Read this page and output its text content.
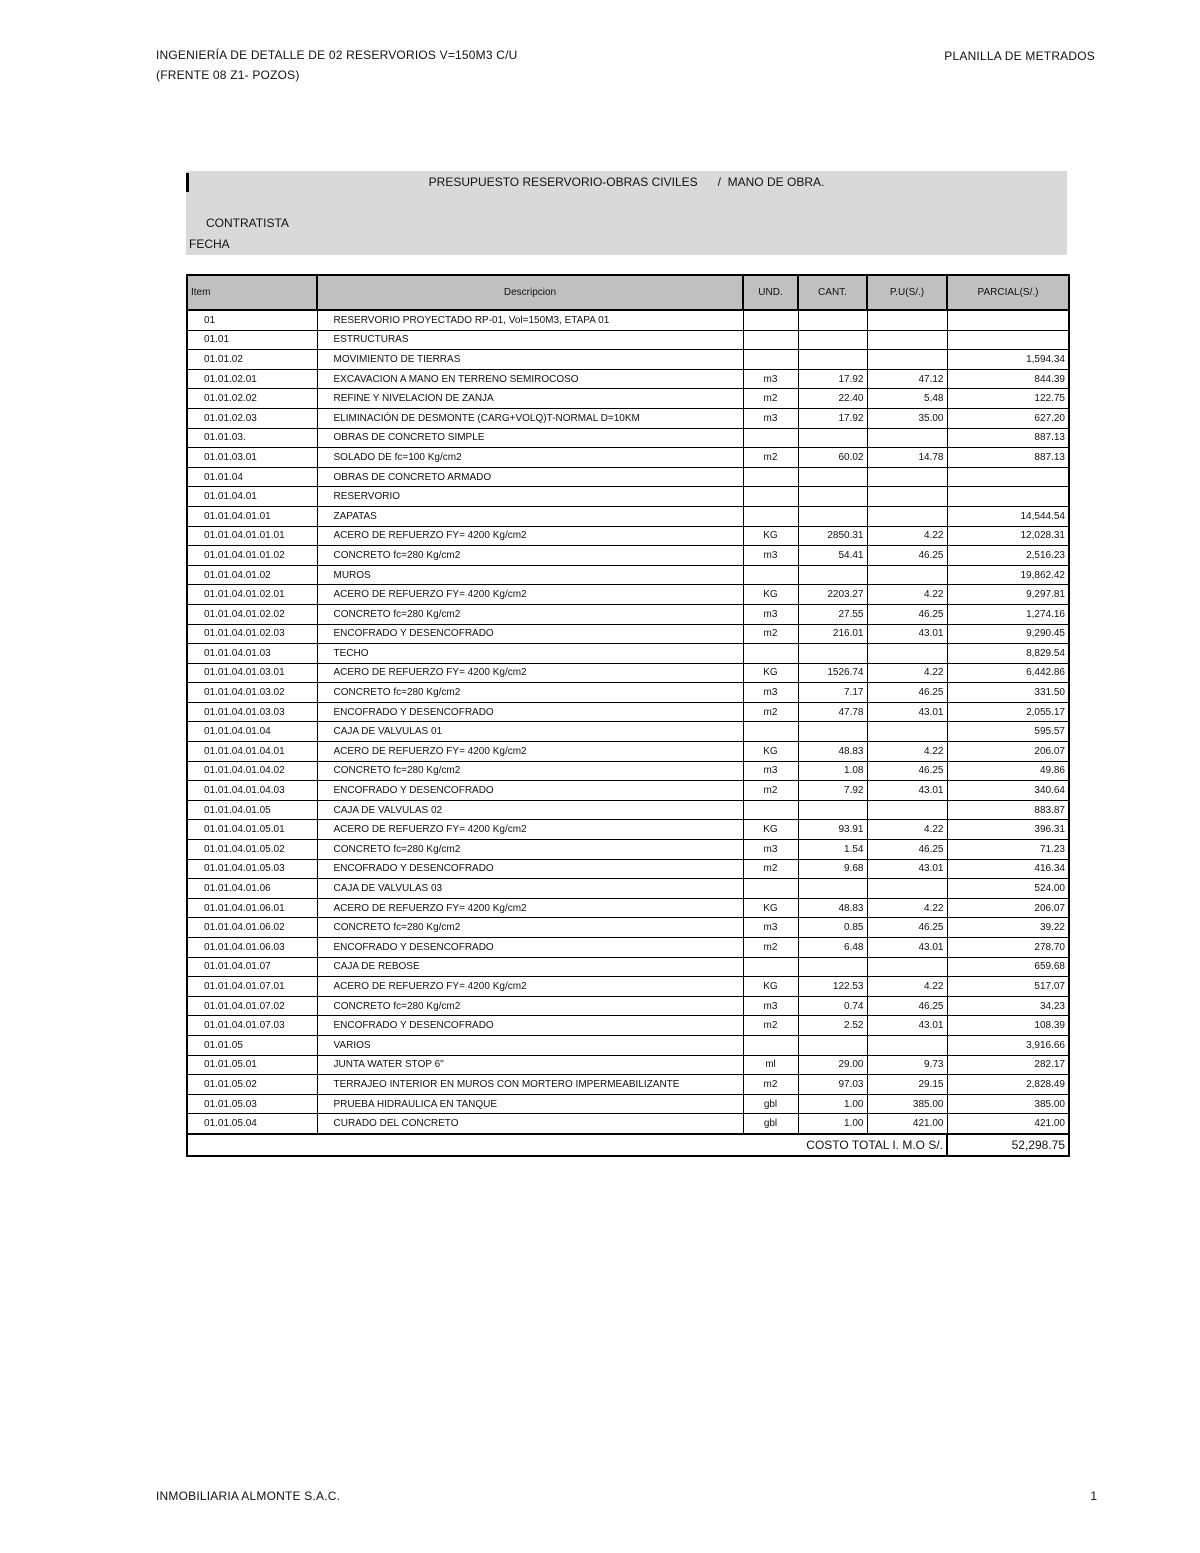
INGENIERÍA DE DETALLE DE 02 RESERVORIOS V=150M3 C/U
(FRENTE 08 Z1- POZOS)
PLANILLA DE METRADOS
PRESUPUESTO RESERVORIO-OBRAS CIVILES      /  MANO DE OBRA.
CONTRATISTA
FECHA
Item	Descripcion	UND.	CANT.	P.U(S/.)	PARCIAL(S/.)
01	RESERVORIO PROYECTADO RP-01, Vol=150M3, ETAPA 01				
01.01	ESTRUCTURAS				
01.01.02	MOVIMIENTO DE TIERRAS				1,594.34
01.01.02.01	EXCAVACION A MANO EN TERRENO SEMIROCOSO	m3	17.92	47.12	844.39
01.01.02.02	REFINE Y NIVELACION DE ZANJA	m2	22.40	5.48	122.75
01.01.02.03	ELIMINACIÓN DE DESMONTE (CARG+VOLQ)T-NORMAL D=10KM	m3	17.92	35.00	627.20
01.01.03.	OBRAS DE CONCRETO SIMPLE				887.13
01.01.03.01	SOLADO DE fc=100 Kg/cm2	m2	60.02	14.78	887.13
01.01.04	OBRAS DE CONCRETO ARMADO				
01.01.04.01	RESERVORIO				
01.01.04.01.01	ZAPATAS				14,544.54
01.01.04.01.01.01	ACERO DE REFUERZO FY= 4200 Kg/cm2	KG	2850.31	4.22	12,028.31
01.01.04.01.01.02	CONCRETO fc=280 Kg/cm2	m3	54.41	46.25	2,516.23
01.01.04.01.02	MUROS				19,862.42
01.01.04.01.02.01	ACERO DE REFUERZO FY= 4200 Kg/cm2	KG	2203.27	4.22	9,297.81
01.01.04.01.02.02	CONCRETO fc=280 Kg/cm2	m3	27.55	46.25	1,274.16
01.01.04.01.02.03	ENCOFRADO Y DESENCOFRADO	m2	216.01	43.01	9,290.45
01.01.04.01.03	TECHO				8,829.54
01.01.04.01.03.01	ACERO DE REFUERZO FY= 4200 Kg/cm2	KG	1526.74	4.22	6,442.86
01.01.04.01.03.02	CONCRETO fc=280 Kg/cm2	m3	7.17	46.25	331.50
01.01.04.01.03.03	ENCOFRADO Y DESENCOFRADO	m2	47.78	43.01	2,055.17
01.01.04.01.04	CAJA DE VALVULAS 01				595.57
01.01.04.01.04.01	ACERO DE REFUERZO FY= 4200 Kg/cm2	KG	48.83	4.22	206.07
01.01.04.01.04.02	CONCRETO fc=280 Kg/cm2	m3	1.08	46.25	49.86
01.01.04.01.04.03	ENCOFRADO Y DESENCOFRADO	m2	7.92	43.01	340.64
01.01.04.01.05	CAJA DE VALVULAS 02				883.87
01.01.04.01.05.01	ACERO DE REFUERZO FY= 4200 Kg/cm2	KG	93.91	4.22	396.31
01.01.04.01.05.02	CONCRETO fc=280 Kg/cm2	m3	1.54	46.25	71.23
01.01.04.01.05.03	ENCOFRADO Y DESENCOFRADO	m2	9.68	43.01	416.34
01.01.04.01.06	CAJA DE VALVULAS 03				524.00
01.01.04.01.06.01	ACERO DE REFUERZO FY= 4200 Kg/cm2	KG	48.83	4.22	206.07
01.01.04.01.06.02	CONCRETO fc=280 Kg/cm2	m3	0.85	46.25	39.22
01.01.04.01.06.03	ENCOFRADO Y DESENCOFRADO	m2	6.48	43.01	278.70
01.01.04.01.07	CAJA DE REBOSE				659.68
01.01.04.01.07.01	ACERO DE REFUERZO FY= 4200 Kg/cm2	KG	122.53	4.22	517.07
01.01.04.01.07.02	CONCRETO fc=280 Kg/cm2	m3	0.74	46.25	34.23
01.01.04.01.07.03	ENCOFRADO Y DESENCOFRADO	m2	2.52	43.01	108.39
01.01.05	VARIOS				3,916.66
01.01.05.01	JUNTA WATER STOP 6"	ml	29.00	9.73	282.17
01.01.05.02	TERRAJEO INTERIOR EN MUROS CON MORTERO IMPERMEABILIZANTE	m2	97.03	29.15	2,828.49
01.01.05.03	PRUEBA HIDRAULICA EN TANQUE	gbl	1.00	385.00	385.00
01.01.05.04	CURADO DEL CONCRETO	gbl	1.00	421.00	421.00
COSTO TOTAL I. M.O S/.					52,298.75
INMOBILIARIA ALMONTE S.A.C.	1
